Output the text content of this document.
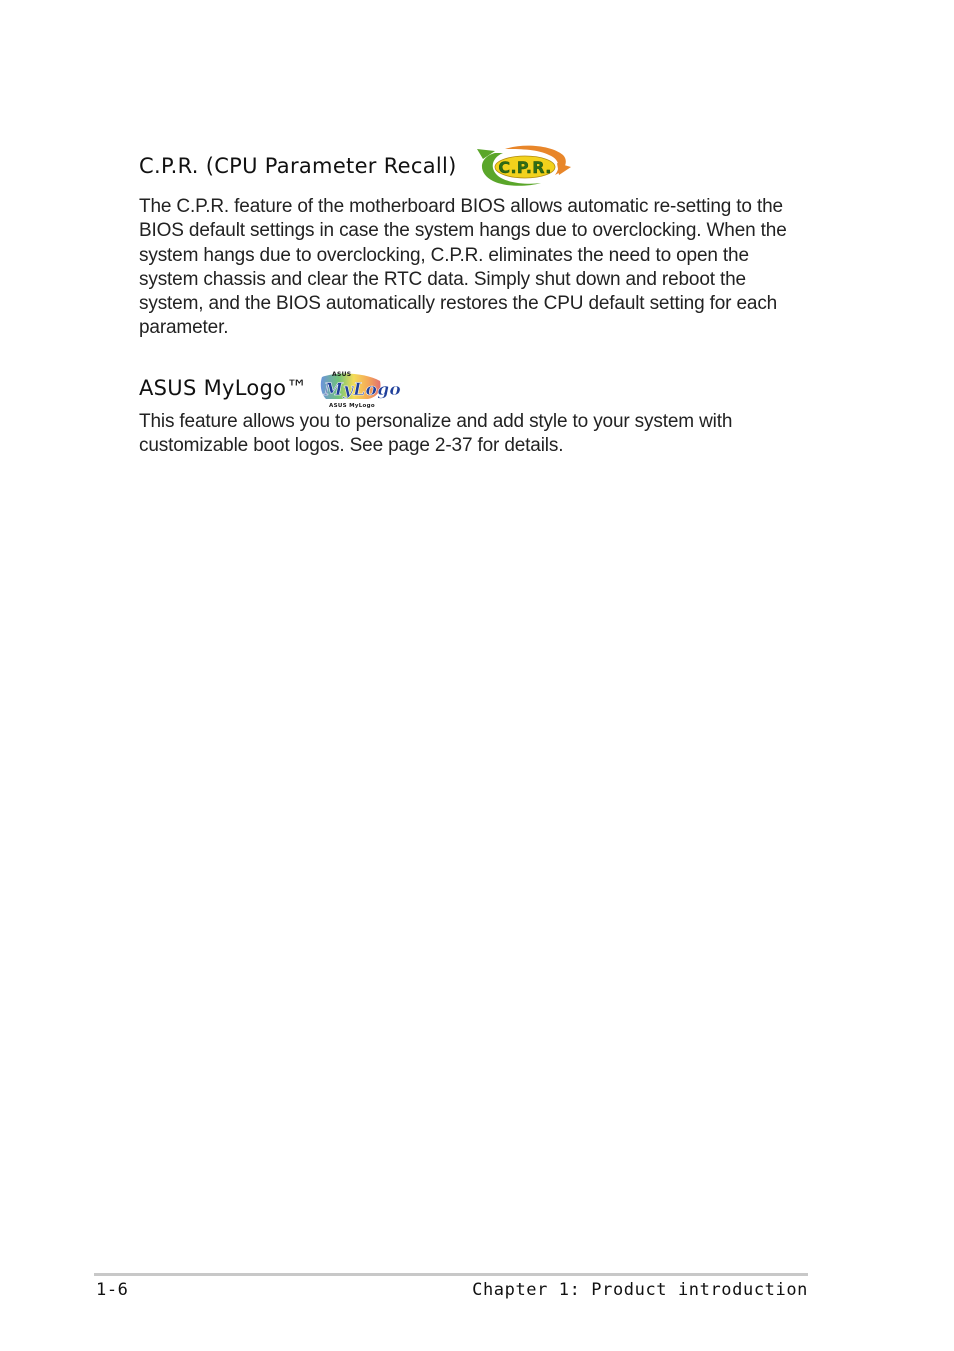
C.P.R. (CPU Parameter Recall)	C.P.R.

The C.P.R. feature of the motherboard BIOS allows automatic re-setting to the BIOS default settings in case the system hangs due to overclocking. When the system hangs due to overclocking, C.P.R. eliminates the need to open the system chassis and clear the RTC data. Simply shut down and reboot the system, and the BIOS automatically restores the CPU default setting for each parameter.

ASUS MyLogo™
ASUS
MyLogo
ASUS MyLogo

This feature allows you to personalize and add style to your system with customizable boot logos. See page 2-37 for details.

1-6	Chapter 1: Product introduction
